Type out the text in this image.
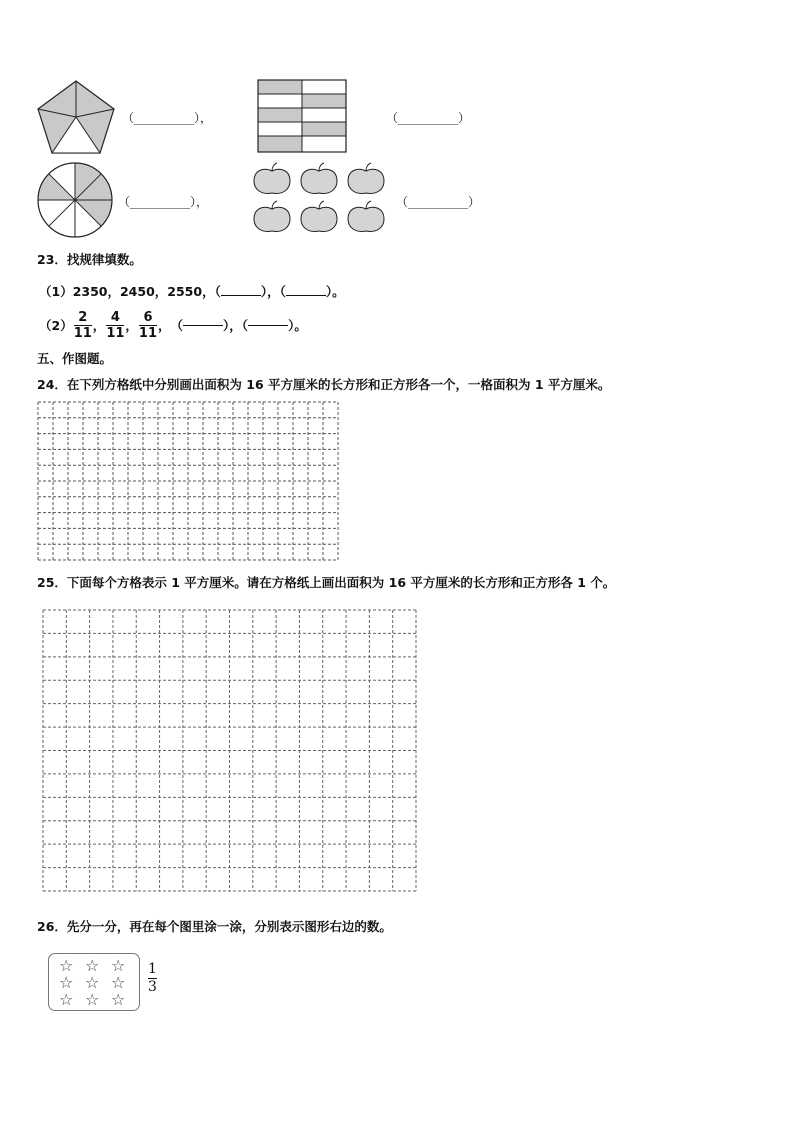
（__________），	（__________）
（__________），	（__________）
23．找规律填数。
（1）2350，2450，2550，（	），（	）。
$(2) \frac{2}{11}$ ， $\frac{4}{11}$ ， $\frac{6}{11}$ ， （	），（	）。
五、作图题。
24．在下列方格纸中分别画出面积为 16 平方厘米的长方形和正方形各一个，一格面积为 1 平方厘米。
25．下面每个方格表示 1 平方厘米。请在方格纸上画出面积为 16 平方厘米的长方形和正方形各 1 个。
26．先分一分，再在每个图里涂一涂，分别表示图形右边的数。
☆ ☆ ☆
☆ ☆ ☆
☆ ☆ ☆
$\frac{1}{3}$
